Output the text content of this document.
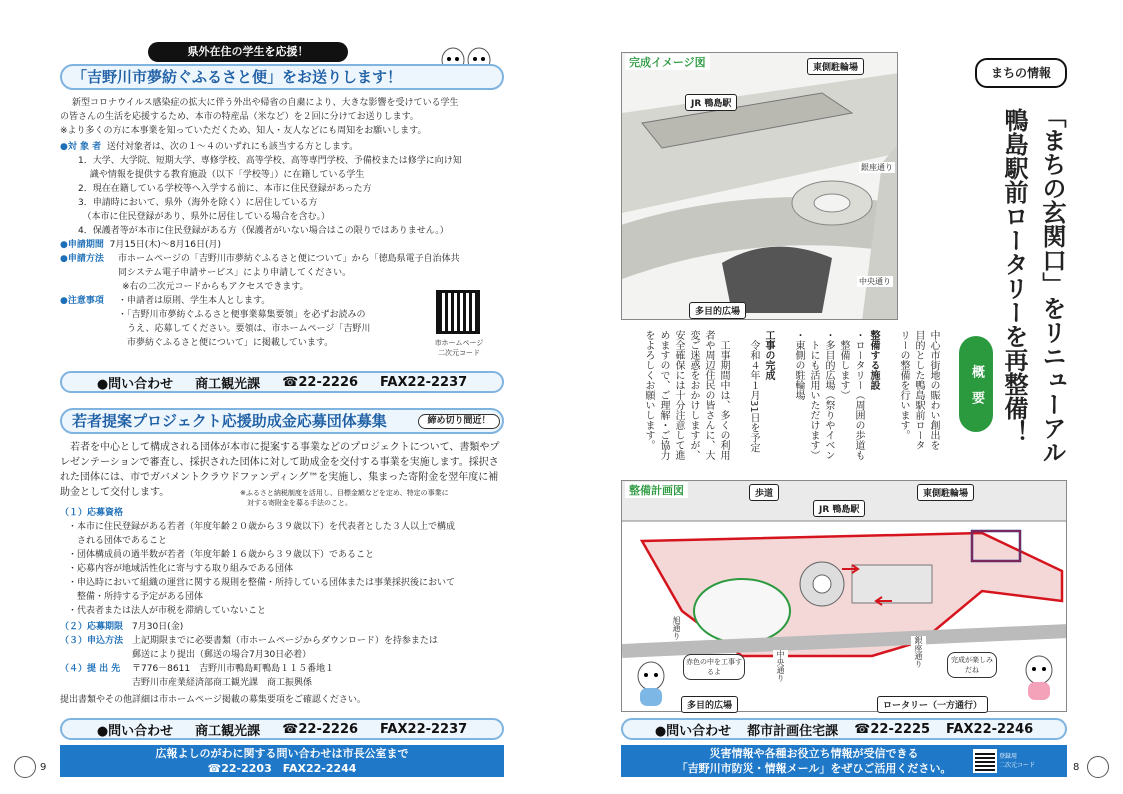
県外在住の学生を応援！
「吉野川市夢紡ぐふるさと便」をお送りします！
新型コロナウイルス感染症の拡大に伴う外出や帰省の自粛により、大きな影響を受けている学生
の皆さんの生活を応援するため、本市の特産品（米など）を２回に分けてお送りします。
※より多くの方に本事業を知っていただくため、知人・友人などにも周知をお願いします。
●対 象 者 送付対象者は、次の１～４のいずれにも該当する方とします。
1．大学、大学院、短期大学、専修学校、高等学校、高等専門学校、予備校または修学に向け知
　 識や情報を提供する教育施設（以下「学校等」）に在籍している学生
2．現在在籍している学校等へ入学する前に、本市に住民登録があった方
3．申請時において、県外（海外を除く）に居住している方
　（本市に住民登録があり、県外に居住している場合を含む。）
4．保護者等が本市に住民登録がある方（保護者がいない場合はこの限りではありません。）
●申請期間 7月15日(木)～8月16日(月)
●申請方法	市ホームページの「吉野川市夢紡ぐふるさと便について」から「徳島県電子自治体共
同システム電子申請サービス」により申請してください。
※右の二次元コードからもアクセスできます。
●注意事項	・申請者は原則、学生本人とします。
・「吉野川市夢紡ぐふるさと便事業募集要領」を必ずお読みの
　うえ、応募してください。要領は、市ホームページ「吉野川
　市夢紡ぐふるさと便について」に掲載しています。	市ホームページ
二次元コード
●問い合わせ 商工観光課 ☎22-2226 FAX22-2237
若者提案プロジェクト応援助成金応募団体募集	締め切り間近！
若者を中心として構成される団体が本市に提案する事業などのプロジェクトについて、書類やプ
レゼンテーションで審査し、採択された団体に対して助成金を交付する事業を実施します。採択さ
れた団体には、市でガバメントクラウドファンディング™を実施し、集まった寄附金を翌年度に補
助金として交付します。	※ふるさと納税制度を活用し、目標金額などを定め、特定の事業に
　対する寄附金を募る手法のこと。
（１）応募資格
・本市に住民登録がある若者（年度年齢２０歳から３９歳以下）を代表者とした３人以上で構成
　される団体であること
・団体構成員の過半数が若者（年度年齢１６歳から３９歳以下）であること
・応募内容が地域活性化に寄与する取り組みである団体
・申込時において組織の運営に関する規則を整備・所持している団体または事業採択後において
　整備・所持する予定がある団体
・代表者または法人が市税を滞納していないこと
（２）応募期限 7月30日(金)
（３）申込方法 上記期限までに必要書類（市ホームページからダウンロード）を持参または
郵送により提出（郵送の場合7月30日必着）
（４）提 出 先	〒776－8611　吉野川市鴨島町鴨島１１５番地１
吉野川市産業経済部商工観光課　商工振興係
提出書類やその他詳細は市ホームページ掲載の募集要項をご確認ください。
●問い合わせ 商工観光課 ☎22-2226 FAX22-2237
広報よしのがわに関する問い合わせは市長公室まで
☎22-2203　FAX22-2244
9
完成イメージ図	東側駐輪場
JR 鴨島駅
銀座通り
中央通り
多目的広場
まちの情報
「まちの玄関口」をリニューアル
鴨島駅前ロータリーを再整備！
概　要
中心市街地の賑わい創出を
目的とした鴨島駅前ロータ
リーの整備を行います。
整備する施設
・ロータリー（周囲の歩道も
　整備します）
・多目的広場（祭りやイベン
　トにも活用いただけます）
・東側の駐輪場
工事の完成
　令和４年１月31日を予定
　工事期間中は、多くの利用
者や周辺住民の皆さんに、大
変ご迷惑をおかけしますが、
安全確保には十分注意して進
めますので、ご理解・ご協力
をよろしくお願いします。
整備計画図	歩道
JR 鴨島駅
東側駐輪場
旭通り
中央通り	銀座通り
多目的広場	ロータリー（一方通行）
赤色の中を工事するよ
完成が楽しみだね
●問い合わせ 都市計画住宅課 ☎22-2225 FAX22-2246
災害情報や各種お役立ち情報が受信できる
「吉野川市防災・情報メール」をぜひご活用ください。
登録用
二次元コード	8
